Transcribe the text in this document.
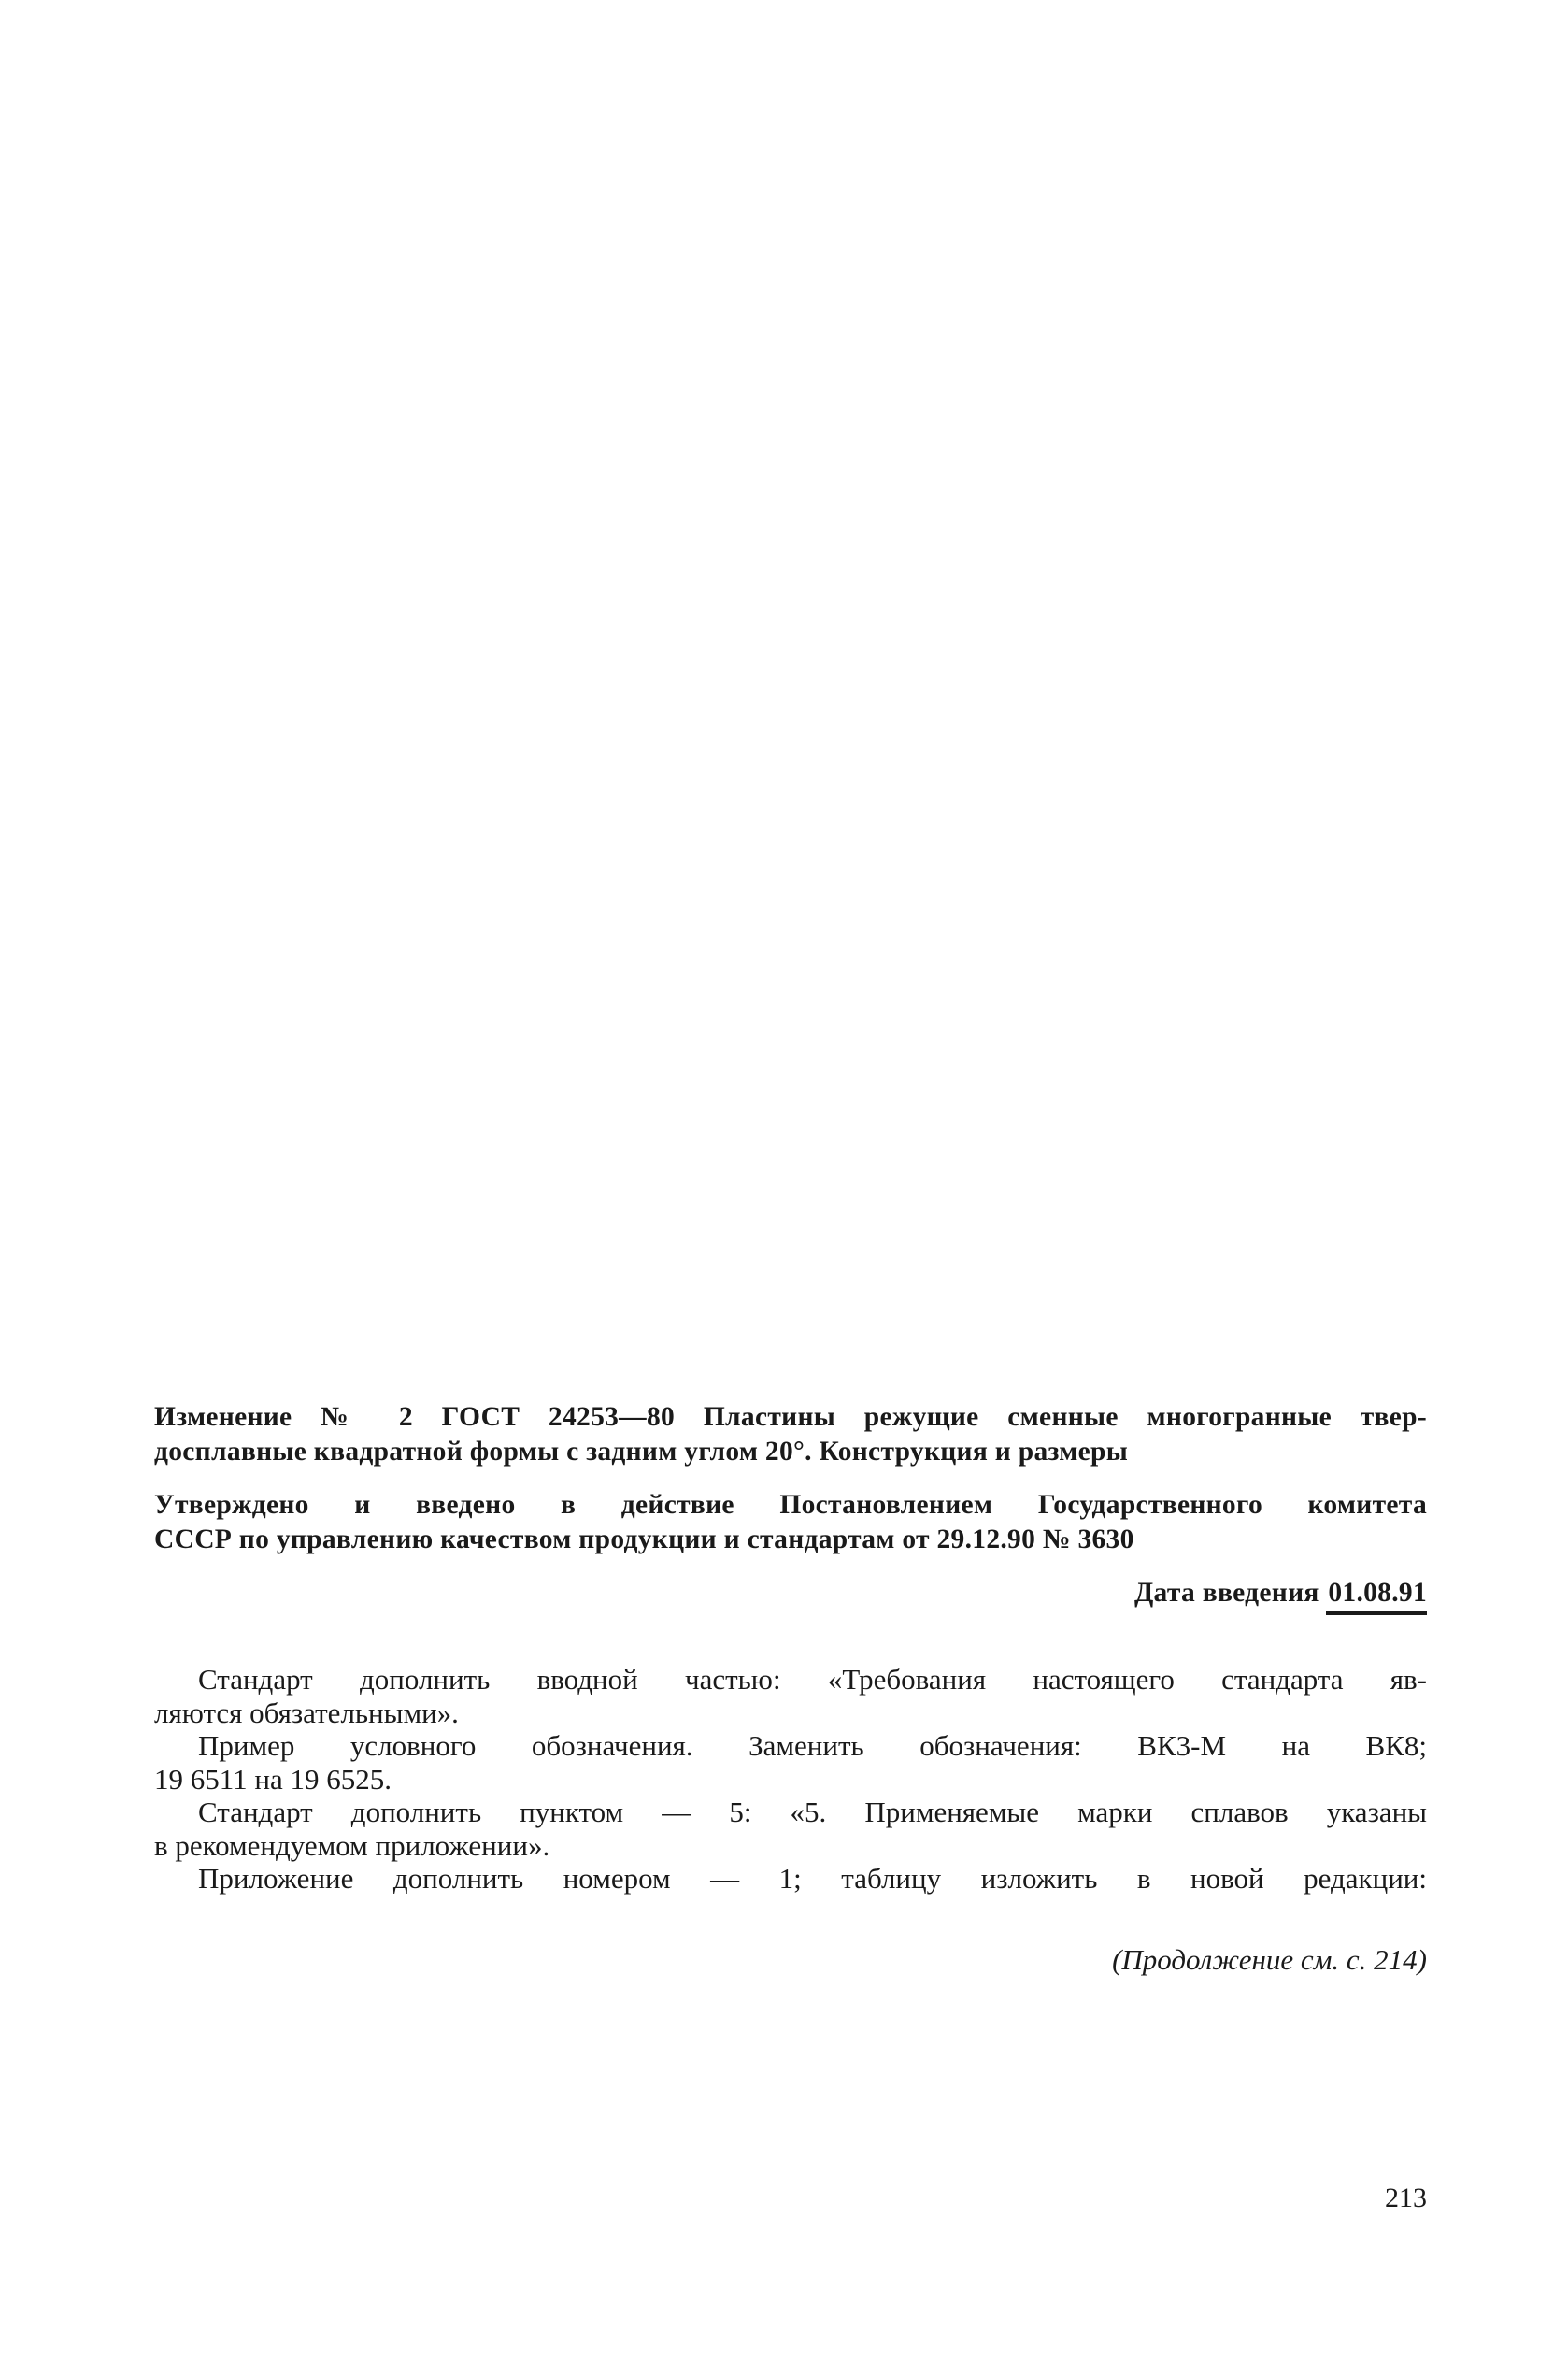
Изменение № 2 ГОСТ 24253—80 Пластины режущие сменные многогранные твер-
досплавные квадратной формы с задним углом 20°. Конструкция и размеры
Утверждено и введено в действие Постановлением Государственного комитета
СССР по управлению качеством продукции и стандартам от 29.12.90 № 3630
Дата введения 01.08.91
Стандарт дополнить вводной частью: «Требования настоящего стандарта яв-
ляются обязательными».
Пример условного обозначения. Заменить обозначения: ВК3-М на ВК8;
19 6511 на 19 6525.
Стандарт дополнить пунктом — 5: «5. Применяемые марки сплавов указаны
в рекомендуемом приложении».
Приложение дополнить номером — 1; таблицу изложить в новой редакции:
(Продолжение см. с. 214)
213
